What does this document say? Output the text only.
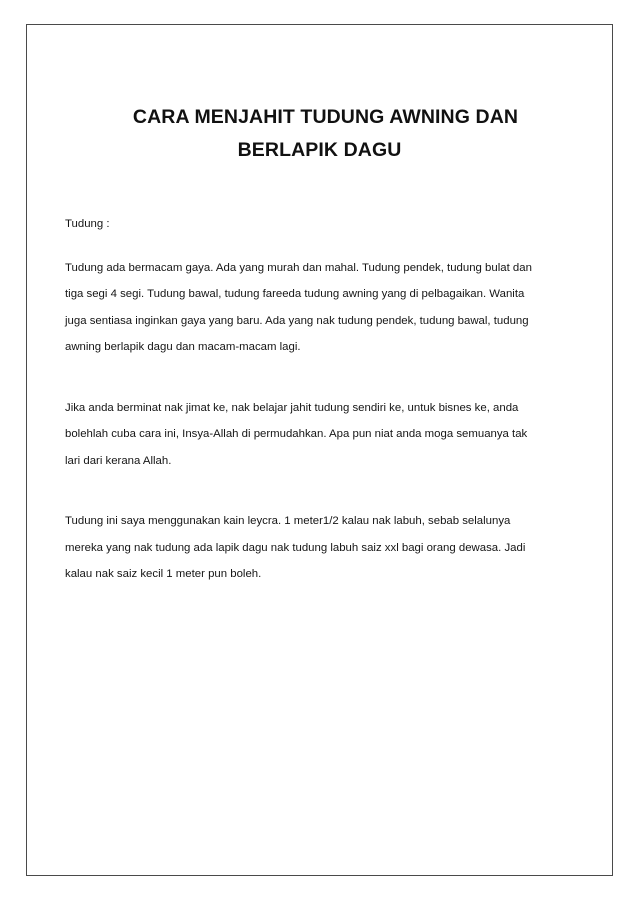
CARA MENJAHIT TUDUNG AWNING DAN
BERLAPIK DAGU

Tudung :

Tudung ada bermacam gaya. Ada yang murah dan mahal. Tudung pendek, tudung bulat dan
tiga segi 4 segi. Tudung bawal, tudung fareeda tudung awning yang di pelbagaikan. Wanita
juga sentiasa inginkan gaya yang baru. Ada yang nak tudung pendek, tudung bawal, tudung
awning berlapik dagu dan macam-macam lagi.

Jika anda berminat nak jimat ke, nak belajar jahit tudung sendiri ke, untuk bisnes ke, anda
bolehlah cuba cara ini, Insya-Allah di permudahkan. Apa pun niat anda moga semuanya tak
lari dari kerana Allah.

Tudung ini saya menggunakan kain leycra. 1 meter1/2 kalau nak labuh, sebab selalunya
mereka yang nak tudung ada lapik dagu nak tudung labuh saiz xxl bagi orang dewasa. Jadi
kalau nak saiz kecil 1 meter pun boleh.
